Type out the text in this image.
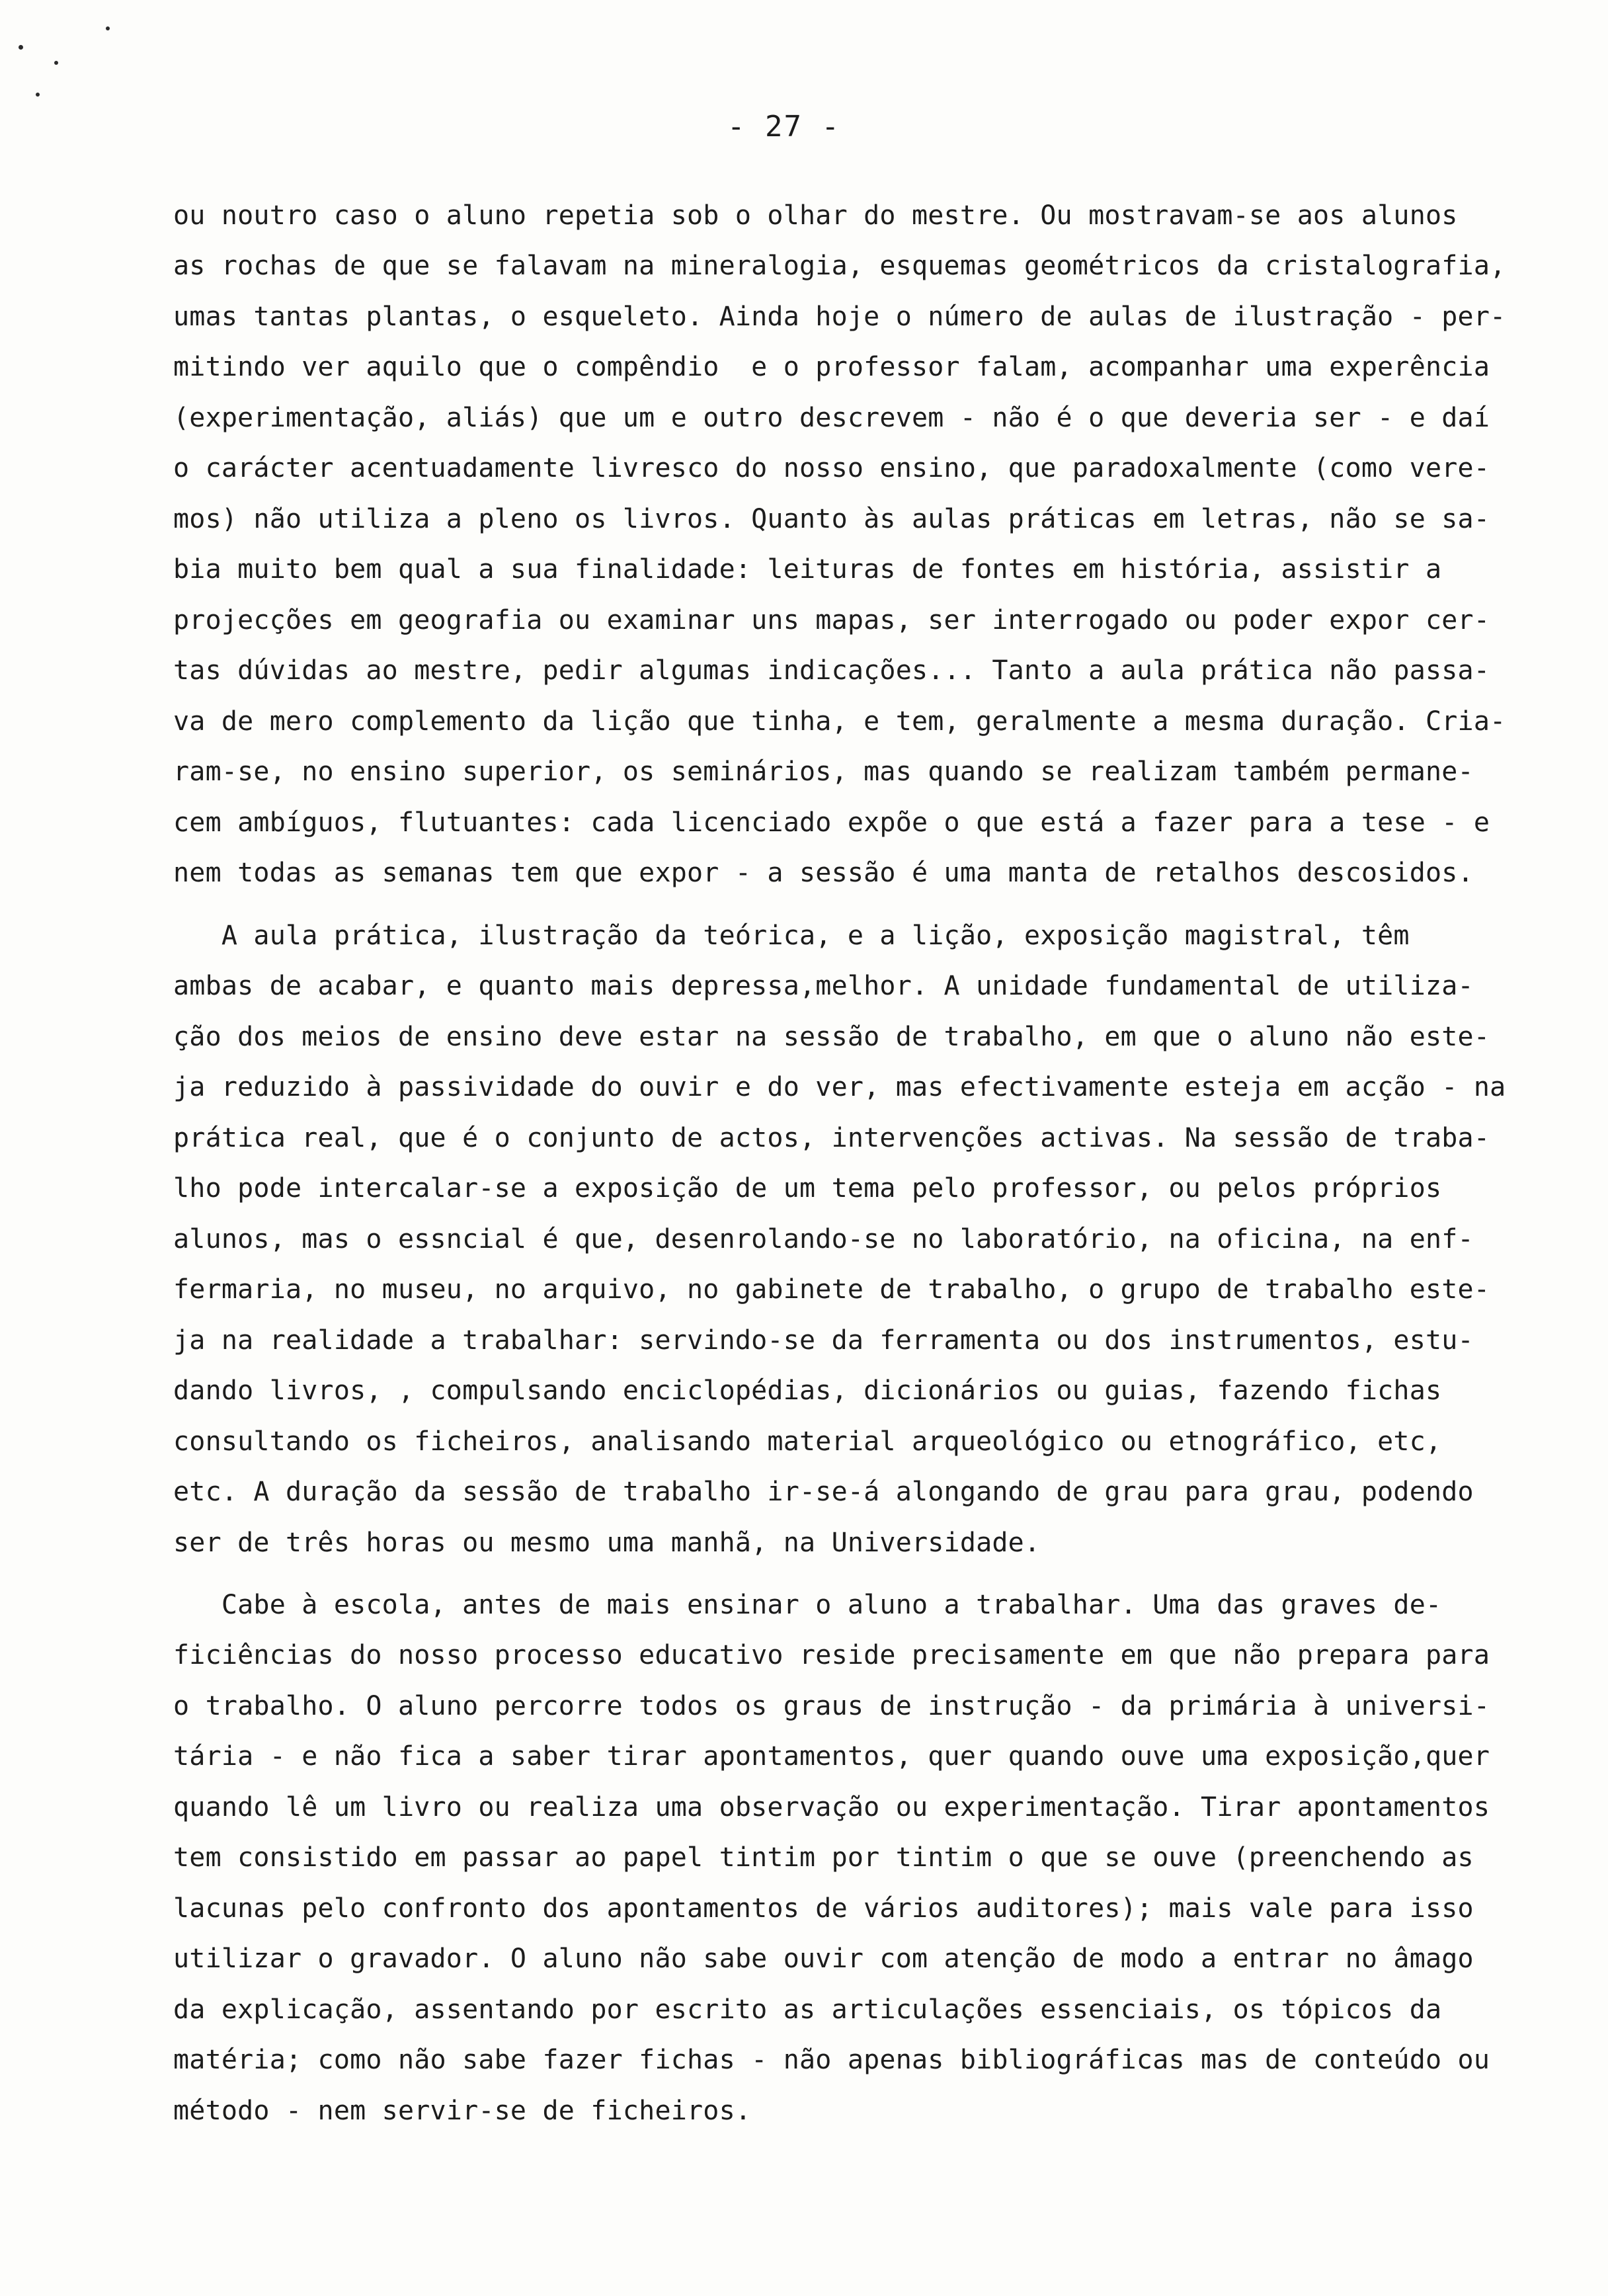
- 27 -
ou noutro caso o aluno repetia sob o olhar do mestre. Ou mostravam-se aos alunos
as rochas de que se falavam na mineralogia, esquemas geométricos da cristalografia,
umas tantas plantas, o esqueleto. Ainda hoje o número de aulas de ilustração - per-
mitindo ver aquilo que o compêndio  e o professor falam, acompanhar uma experência
(experimentação, aliás) que um e outro descrevem - não é o que deveria ser - e daí
o carácter acentuadamente livresco do nosso ensino, que paradoxalmente (como vere-
mos) não utiliza a pleno os livros. Quanto às aulas práticas em letras, não se sa-
bia muito bem qual a sua finalidade: leituras de fontes em história, assistir a
projecções em geografia ou examinar uns mapas, ser interrogado ou poder expor cer-
tas dúvidas ao mestre, pedir algumas indicações... Tanto a aula prática não passa-
va de mero complemento da lição que tinha, e tem, geralmente a mesma duração. Cria-
ram-se, no ensino superior, os seminários, mas quando se realizam também permane-
cem ambíguos, flutuantes: cada licenciado expõe o que está a fazer para a tese - e
nem todas as semanas tem que expor - a sessão é uma manta de retalhos descosidos.
A aula prática, ilustração da teórica, e a lição, exposição magistral, têm
ambas de acabar, e quanto mais depressa,melhor. A unidade fundamental de utiliza-
ção dos meios de ensino deve estar na sessão de trabalho, em que o aluno não este-
ja reduzido à passividade do ouvir e do ver, mas efectivamente esteja em acção - na
prática real, que é o conjunto de actos, intervenções activas. Na sessão de traba-
lho pode intercalar-se a exposição de um tema pelo professor, ou pelos próprios
alunos, mas o essncial é que, desenrolando-se no laboratório, na oficina, na enf-
fermaria, no museu, no arquivo, no gabinete de trabalho, o grupo de trabalho este-
ja na realidade a trabalhar: servindo-se da ferramenta ou dos instrumentos, estu-
dando livros, , compulsando enciclopédias, dicionários ou guias, fazendo fichas
consultando os ficheiros, analisando material arqueológico ou etnográfico, etc,
etc. A duração da sessão de trabalho ir-se-á alongando de grau para grau, podendo
ser de três horas ou mesmo uma manhã, na Universidade.
Cabe à escola, antes de mais ensinar o aluno a trabalhar. Uma das graves de-
ficiências do nosso processo educativo reside precisamente em que não prepara para
o trabalho. O aluno percorre todos os graus de instrução - da primária à universi-
tária - e não fica a saber tirar apontamentos, quer quando ouve uma exposição,quer
quando lê um livro ou realiza uma observação ou experimentação. Tirar apontamentos
tem consistido em passar ao papel tintim por tintim o que se ouve (preenchendo as
lacunas pelo confronto dos apontamentos de vários auditores); mais vale para isso
utilizar o gravador. O aluno não sabe ouvir com atenção de modo a entrar no âmago
da explicação, assentando por escrito as articulações essenciais, os tópicos da
matéria; como não sabe fazer fichas - não apenas bibliográficas mas de conteúdo ou
método - nem servir-se de ficheiros.
